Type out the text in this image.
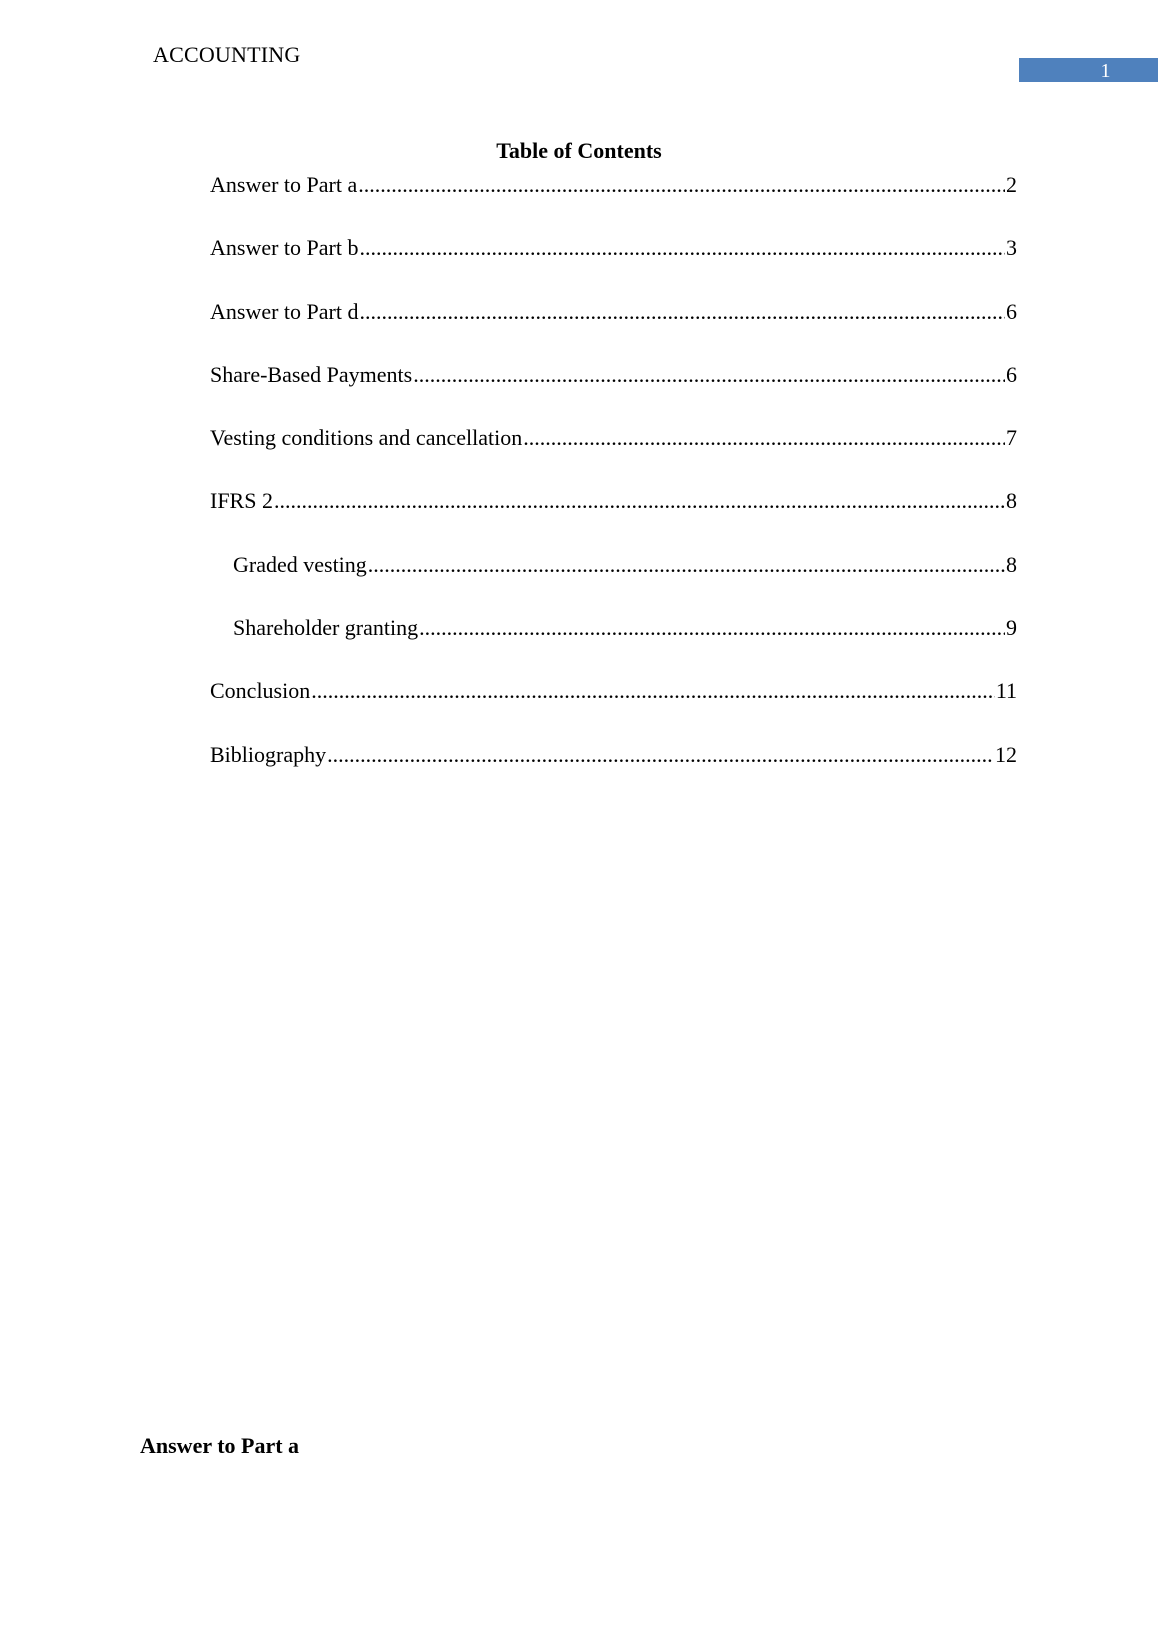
ACCOUNTING
1
Table of Contents
Answer to Part a .....	2
Answer to Part b .....	3
Answer to Part d .....	6
Share-Based Payments .....	6
Vesting conditions and cancellation .....	7
IFRS 2 .....	8
Graded vesting .....	8
Shareholder granting .....	9
Conclusion .....	11
Bibliography .....	12
Answer to Part a
